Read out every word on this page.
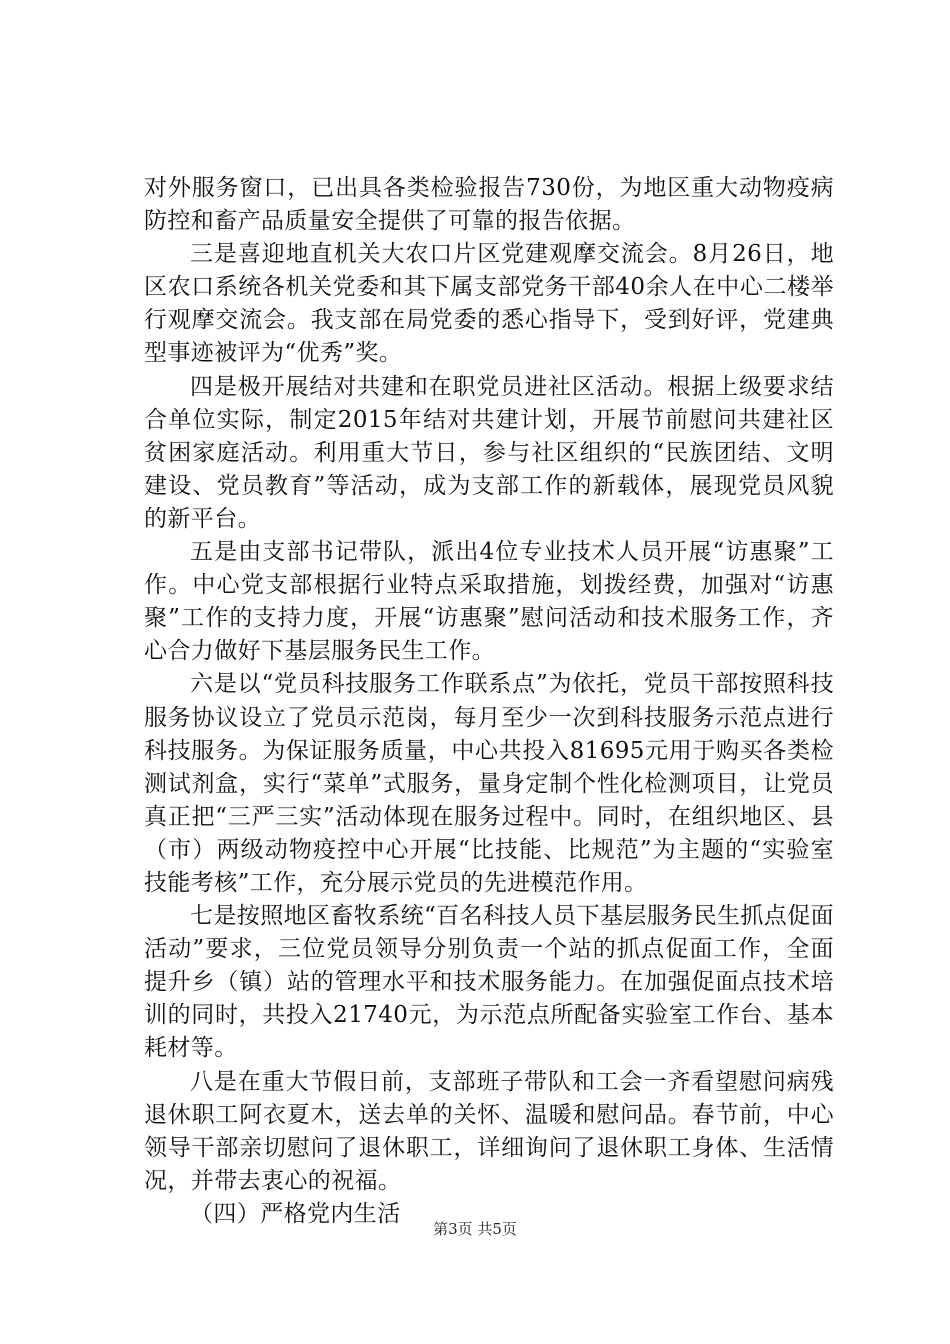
对外服务窗口，已出具各类检验报告730份，为地区重大动物疫病防控和畜产品质量安全提供了可靠的报告依据。

三是喜迎地直机关大农口片区党建观摩交流会。8月26日，地区农口系统各机关党委和其下属支部党务干部40余人在中心二楼举行观摩交流会。我支部在局党委的悉心指导下，受到好评，党建典型事迹被评为“优秀”奖。

四是极开展结对共建和在职党员进社区活动。根据上级要求结合单位实际，制定2015年结对共建计划，开展节前慰问共建社区贫困家庭活动。利用重大节日，参与社区组织的“民族团结、文明建设、党员教育”等活动，成为支部工作的新载体，展现党员风貌的新平台。

五是由支部书记带队，派出4位专业技术人员开展“访惠聚”工作。中心党支部根据行业特点采取措施，划拨经费，加强对“访惠聚”工作的支持力度，开展“访惠聚”慰问活动和技术服务工作，齐心合力做好下基层服务民生工作。

六是以“党员科技服务工作联系点”为依托，党员干部按照科技服务协议设立了党员示范岗，每月至少一次到科技服务示范点进行科技服务。为保证服务质量，中心共投入81695元用于购买各类检测试剂盒，实行“菜单”式服务，量身定制个性化检测项目，让党员真正把“三严三实”活动体现在服务过程中。同时，在组织地区、县（市）两级动物疫控中心开展“比技能、比规范”为主题的“实验室技能考核”工作，充分展示党员的先进模范作用。

七是按照地区畜牧系统“百名科技人员下基层服务民生抓点促面活动”要求，三位党员领导分别负责一个站的抓点促面工作，全面提升乡（镇）站的管理水平和技术服务能力。在加强促面点技术培训的同时，共投入21740元，为示范点所配备实验室工作台、基本耗材等。

八是在重大节假日前，支部班子带队和工会一齐看望慰问病残退休职工阿衣夏木，送去单的关怀、温暖和慰问品。春节前，中心领导干部亲切慰问了退休职工，详细询问了退休职工身体、生活情况，并带去衷心的祝福。

（四）严格党内生活

第3页 共5页
